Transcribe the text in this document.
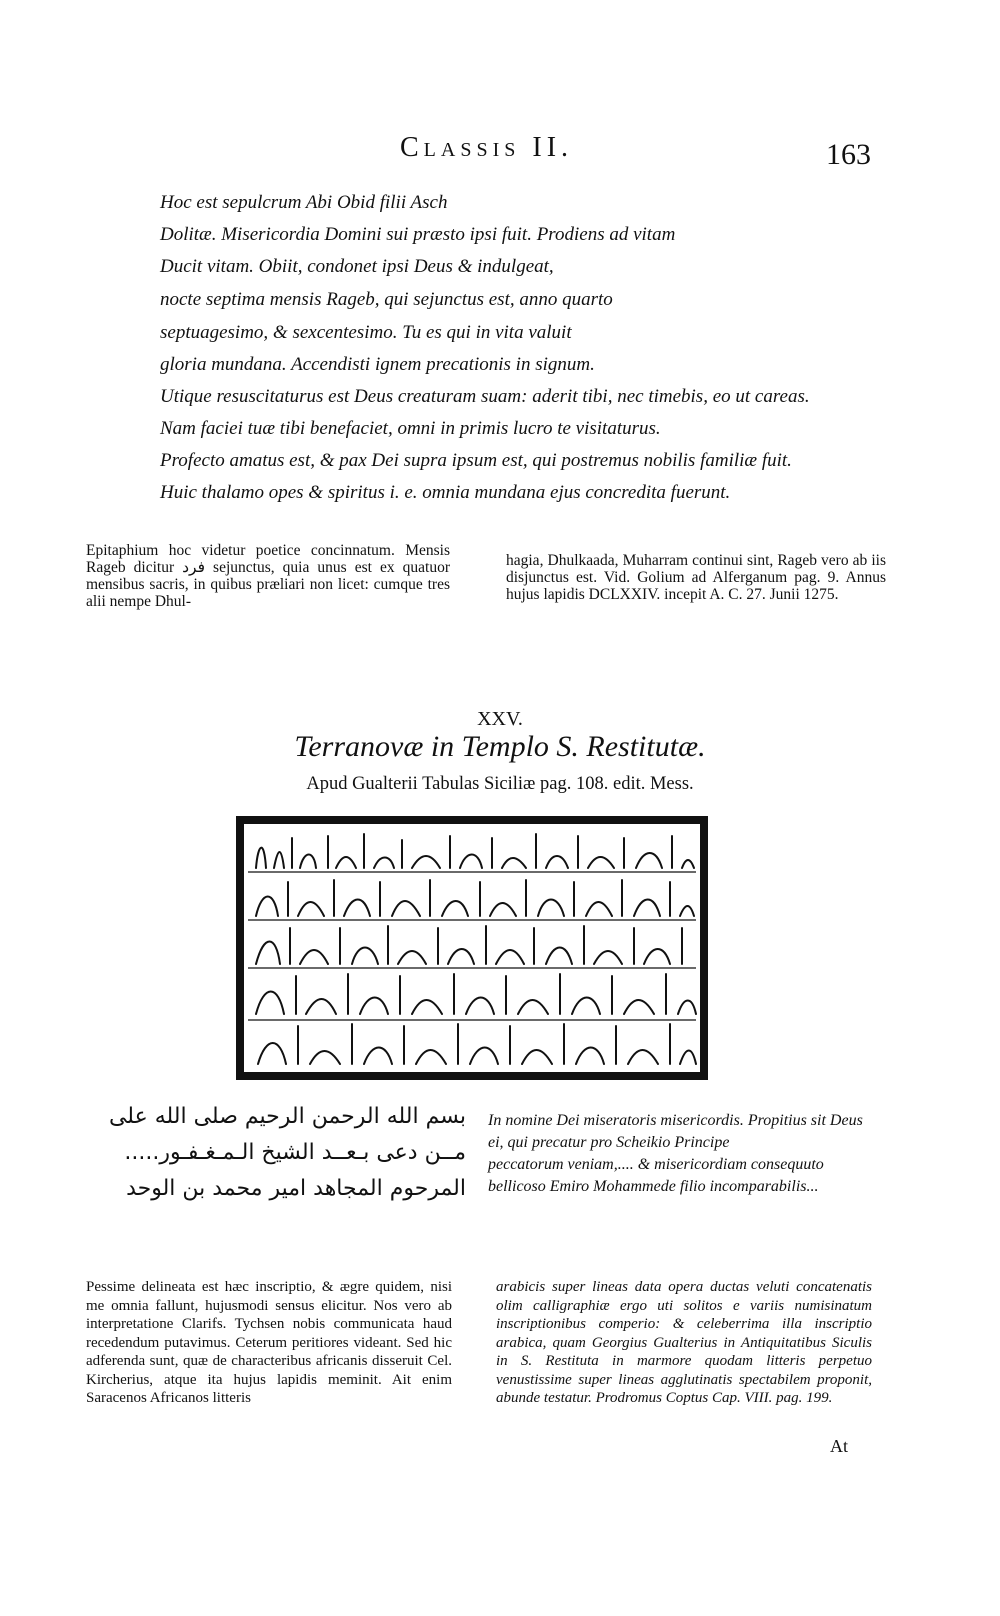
Classis II.	163
Hoc est sepulcrum Abi Obid filii Asch
Dolitæ. Misericordia Domini sui præsto ipsi fuit. Prodiens ad vitam
Ducit vitam. Obiit, condonet ipsi Deus & indulgeat,
nocte septima mensis Rageb, qui sejunctus est, anno quarto
septuagesimo, & sexcentesimo. Tu es qui in vita valuit
gloria mundana. Accendisti ignem precationis in signum.
Utique resuscitaturus est Deus creaturam suam: aderit tibi, nec timebis, eo ut careas.
Nam faciei tuæ tibi benefaciet, omni in primis lucro te visitaturus.
Profecto amatus est, & pax Dei supra ipsum est, qui postremus nobilis familiæ fuit.
Huic thalamo opes & spiritus i. e. omnia mundana ejus concredita fuerunt.

Epitaphium hoc videtur poetice concinnatum. Mensis Rageb dicitur فرد sejunctus, quia unus est ex quatuor mensibus sacris, in quibus præliari non licet: cumque tres alii nempe Dhul-

hagia, Dhulkaada, Muharram continui sint, Rageb vero ab iis disjunctus est. Vid. Golium ad Alferganum pag. 9. Annus hujus lapidis DCLXXIV. incepit A. C. 27. Junii 1275.

XXV.
Terranovæ in Templo S. Restitutæ.
Apud Gualterii Tabulas Siciliæ pag. 108. edit. Mess.
بسم الله الرحمن الرحيم صلى الله على
مــن دعى بـعــد الشيخ الـمـغـفـور.....
المرحوم المجاهد امير محمد بن الوحد
In nomine Dei miseratoris misericordis. Propitius sit Deus ei, qui precatur pro Scheikio Principe
peccatorum veniam,.... & misericordiam consequuto
bellicoso Emiro Mohammede filio incomparabilis...
Pessime delineata est hæc inscriptio, & ægre quidem, nisi me omnia fallunt, hujusmodi sensus elicitur. Nos vero ab interpretatione Clarifs. Tychsen nobis communicata haud recedendum putavimus. Ceterum peritiores videant. Sed hic adferenda sunt, quæ de characteribus africanis disseruit Cel. Kircherius, atque ita hujus lapidis meminit. Ait enim Saracenos Africanos litteris
arabicis super lineas data opera ductas veluti concatenatis olim calligraphiæ ergo uti solitos e variis numisinatum inscriptionibus comperio: & celeberrima illa inscriptio arabica, quam Georgius Gualterius in Antiquitatibus Siculis in S. Restituta in marmore quodam litteris perpetuo venustissime super lineas agglutinatis spectabilem proponit, abunde testatur. Prodromus Coptus Cap. VIII. pag. 199.
At
